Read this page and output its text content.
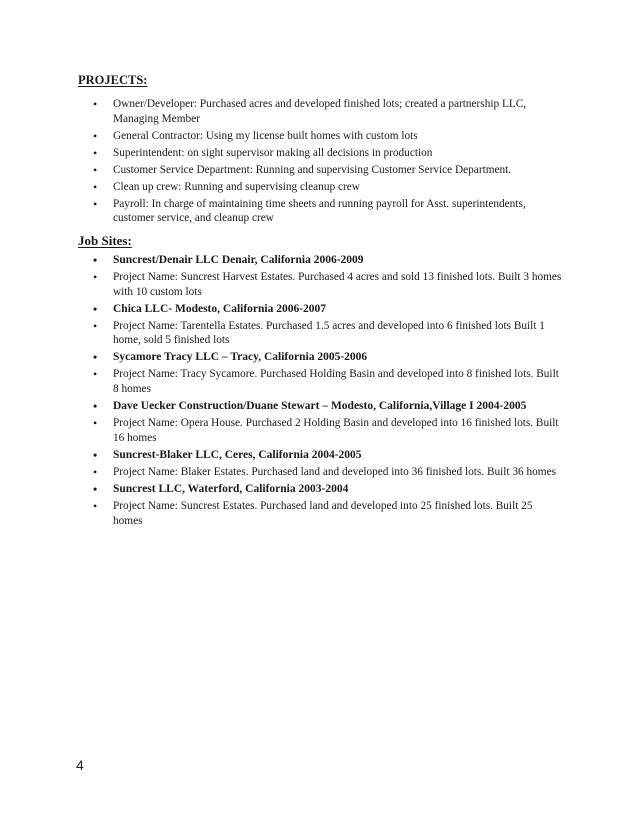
PROJECTS:
• Owner/Developer: Purchased acres and developed finished lots; created a partnership LLC, Managing Member
• General Contractor: Using my license built homes with custom lots
• Superintendent: on sight supervisor making all decisions in production
• Customer Service Department: Running and supervising Customer Service Department.
• Clean up crew: Running and supervising cleanup crew
• Payroll: In charge of maintaining time sheets and running payroll for Asst. superintendents, customer service, and cleanup crew
Job Sites:
• Suncrest/Denair LLC Denair, California 2006-2009
• Project Name: Suncrest Harvest Estates. Purchased 4 acres and sold 13 finished lots. Built 3 homes with 10 custom lots
• Chica LLC- Modesto, California 2006-2007
• Project Name: Tarentella Estates. Purchased 1.5 acres and developed into 6 finished lots Built 1 home, sold 5 finished lots
• Sycamore Tracy LLC – Tracy, California 2005-2006
• Project Name: Tracy Sycamore. Purchased Holding Basin and developed into 8 finished lots. Built 8 homes
• Dave Uecker Construction/Duane Stewart – Modesto, California,Village I 2004-2005
• Project Name: Opera House. Purchased 2 Holding Basin and developed into 16 finished lots. Built 16 homes
• Suncrest-Blaker LLC, Ceres, California 2004-2005
• Project Name: Blaker Estates. Purchased land and developed into 36 finished lots. Built 36 homes
• Suncrest LLC, Waterford, California 2003-2004
• Project Name: Suncrest Estates. Purchased land and developed into 25 finished lots. Built 25 homes
4
